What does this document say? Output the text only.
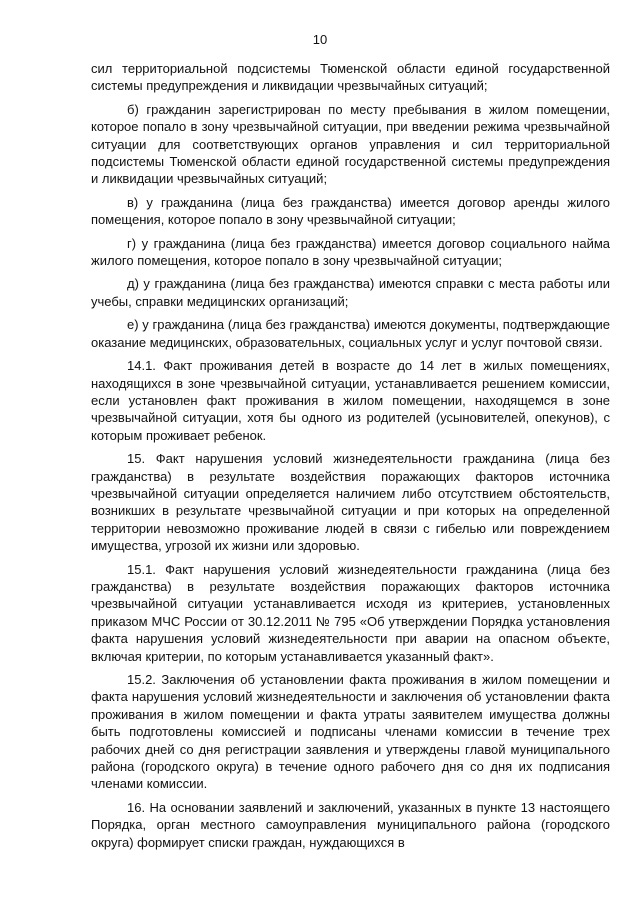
10

сил территориальной подсистемы Тюменской области единой государственной системы предупреждения и ликвидации чрезвычайных ситуаций;

б) гражданин зарегистрирован по месту пребывания в жилом помещении, которое попало в зону чрезвычайной ситуации, при введении режима чрезвычайной ситуации для соответствующих органов управления и сил территориальной подсистемы Тюменской области единой государственной системы предупреждения и ликвидации чрезвычайных ситуаций;

в) у гражданина (лица без гражданства) имеется договор аренды жилого помещения, которое попало в зону чрезвычайной ситуации;

г) у гражданина (лица без гражданства) имеется договор социального найма жилого помещения, которое попало в зону чрезвычайной ситуации;

д) у гражданина (лица без гражданства) имеются справки с места работы или учебы, справки медицинских организаций;

е) у гражданина (лица без гражданства) имеются документы, подтверждающие оказание медицинских, образовательных, социальных услуг и услуг почтовой связи.

14.1. Факт проживания детей в возрасте до 14 лет в жилых помещениях, находящихся в зоне чрезвычайной ситуации, устанавливается решением комиссии, если установлен факт проживания в жилом помещении, находящемся в зоне чрезвычайной ситуации, хотя бы одного из родителей (усыновителей, опекунов), с которым проживает ребенок.

15. Факт нарушения условий жизнедеятельности гражданина (лица без гражданства) в результате воздействия поражающих факторов источника чрезвычайной ситуации определяется наличием либо отсутствием обстоятельств, возникших в результате чрезвычайной ситуации и при которых на определенной территории невозможно проживание людей в связи с гибелью или повреждением имущества, угрозой их жизни или здоровью.

15.1. Факт нарушения условий жизнедеятельности гражданина (лица без гражданства) в результате воздействия поражающих факторов источника чрезвычайной ситуации устанавливается исходя из критериев, установленных приказом МЧС России от 30.12.2011 № 795 «Об утверждении Порядка установления факта нарушения условий жизнедеятельности при аварии на опасном объекте, включая критерии, по которым устанавливается указанный факт».

15.2. Заключения об установлении факта проживания в жилом помещении и факта нарушения условий жизнедеятельности и заключения об установлении факта проживания в жилом помещении и факта утраты заявителем имущества должны быть подготовлены комиссией и подписаны членами комиссии в течение трех рабочих дней со дня регистрации заявления и утверждены главой муниципального района (городского округа) в течение одного рабочего дня со дня их подписания членами комиссии.

16. На основании заявлений и заключений, указанных в пункте 13 настоящего Порядка, орган местного самоуправления муниципального района (городского округа) формирует списки граждан, нуждающихся в
